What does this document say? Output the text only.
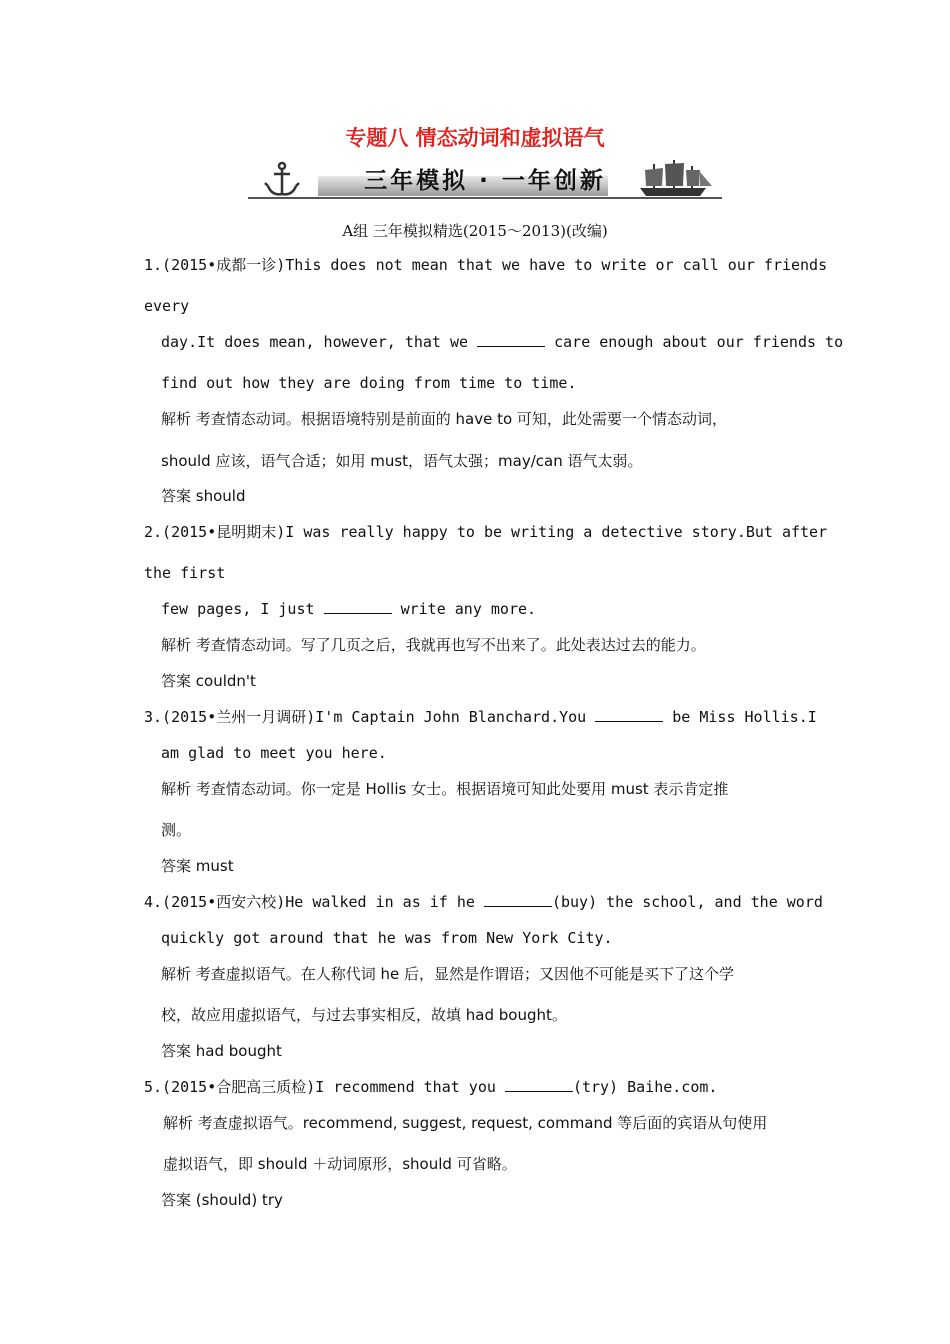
专题八 情态动词和虚拟语气
三年模拟 · 一年创新
A组 三年模拟精选(2015～2013)(改编)
1.(2015•成都一诊)This does not mean that we have to write or call our friends
every
day.It does mean, however, that we	care enough about our friends to
find out how they are doing from time to time.
解析 考查情态动词。根据语境特别是前面的 have to 可知，此处需要一个情态动词，
should 应该，语气合适；如用 must，语气太强；may/can 语气太弱。
答案 should
2.(2015•昆明期末)I was really happy to be writing a detective story.But after
the first
few pages, I just	write any more.
解析 考查情态动词。写了几页之后，我就再也写不出来了。此处表达过去的能力。
答案 couldn't
3.(2015•兰州一月调研)I'm Captain John Blanchard.You	be Miss Hollis.I
am glad to meet you here.
解析 考查情态动词。你一定是 Hollis 女士。根据语境可知此处要用 must 表示肯定推
测。
答案 must
4.(2015•西安六校)He walked in as if he	(buy) the school, and the word
quickly got around that he was from New York City.
解析 考查虚拟语气。在人称代词 he 后，显然是作谓语；又因他不可能是买下了这个学
校，故应用虚拟语气，与过去事实相反，故填 had bought。
答案 had bought
5.(2015•合肥高三质检)I recommend that you	(try) Baihe.com.
解析 考查虚拟语气。recommend, suggest, request, command 等后面的宾语从句使用
虚拟语气，即 should ＋动词原形，should 可省略。
答案 (should) try
